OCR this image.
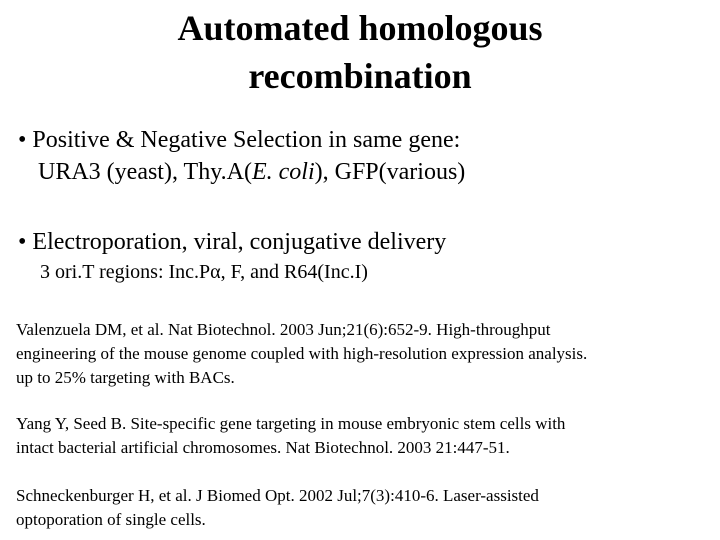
Automated homologous
recombination
• Positive & Negative Selection in same gene:
URA3 (yeast), Thy.A(E. coli), GFP(various)
• Electroporation, viral, conjugative delivery
3 ori.T regions: Inc.Pα, F, and R64(Inc.I)

Valenzuela DM, et al. Nat Biotechnol. 2003 Jun;21(6):652-9. High-throughput

engineering of the mouse genome coupled with high-resolution expression analysis.

up to 25% targeting with BACs.

Yang Y, Seed B. Site-specific gene targeting in mouse embryonic stem cells with

intact bacterial artificial chromosomes. Nat Biotechnol. 2003 21:447-51.

Schneckenburger H, et al. J Biomed Opt. 2002 Jul;7(3):410-6. Laser-assisted

optoporation of single cells.
